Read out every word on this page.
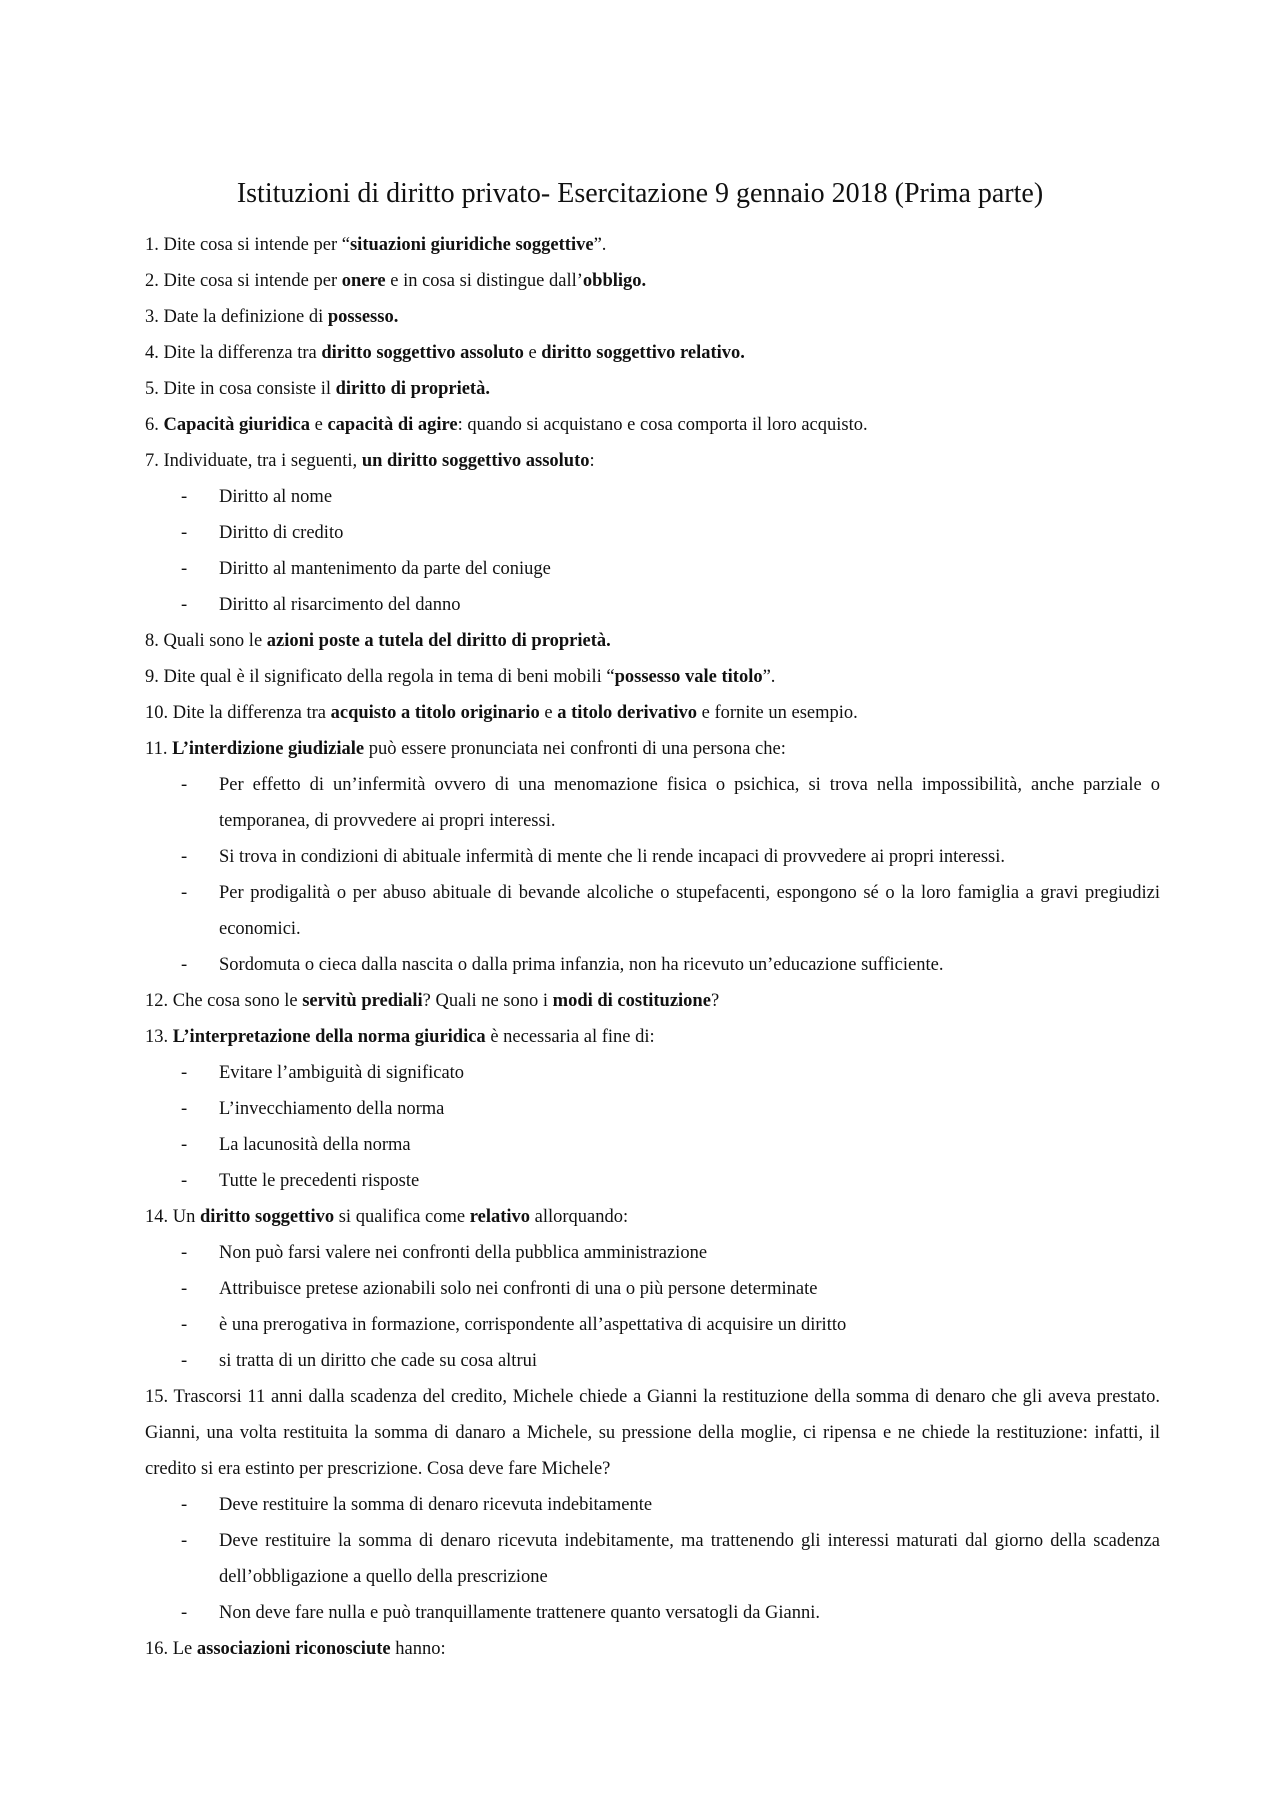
Istituzioni di diritto privato- Esercitazione 9 gennaio 2018 (Prima parte)

1. Dite cosa si intende per “situazioni giuridiche soggettive”.

2. Dite cosa si intende per onere e in cosa si distingue dall’obbligo.

3. Date la definizione di possesso.

4. Dite la differenza tra diritto soggettivo assoluto e diritto soggettivo relativo.

5. Dite in cosa consiste il diritto di proprietà.

6. Capacità giuridica e capacità di agire: quando si acquistano e cosa comporta il loro acquisto.

7. Individuate, tra i seguenti, un diritto soggettivo assoluto:

- Diritto al nome
- Diritto di credito
- Diritto al mantenimento da parte del coniuge
- Diritto al risarcimento del danno

8. Quali sono le azioni poste a tutela del diritto di proprietà.

9. Dite qual è il significato della regola in tema di beni mobili “possesso vale titolo”.

10. Dite la differenza tra acquisto a titolo originario e a titolo derivativo e fornite un esempio.

11. L’interdizione giudiziale può essere pronunciata nei confronti di una persona che:

- Per effetto di un’infermità ovvero di una menomazione fisica o psichica, si trova nella impossibilità, anche parziale o temporanea, di provvedere ai propri interessi.
- Si trova in condizioni di abituale infermità di mente che li rende incapaci di provvedere ai propri interessi.
- Per prodigalità o per abuso abituale di bevande alcoliche o stupefacenti, espongono sé o la loro famiglia a gravi pregiudizi economici.
- Sordomuta o cieca dalla nascita o dalla prima infanzia, non ha ricevuto un’educazione sufficiente.

12. Che cosa sono le servitù prediali? Quali ne sono i modi di costituzione?

13. L’interpretazione della norma giuridica è necessaria al fine di:

- Evitare l’ambiguità di significato
- L’invecchiamento della norma
- La lacunosità della norma
- Tutte le precedenti risposte

14. Un diritto soggettivo si qualifica come relativo allorquando:

- Non può farsi valere nei confronti della pubblica amministrazione
- Attribuisce pretese azionabili solo nei confronti di una o più persone determinate
- è una prerogativa in formazione, corrispondente all’aspettativa di acquisire un diritto
- si tratta di un diritto che cade su cosa altrui

15. Trascorsi 11 anni dalla scadenza del credito, Michele chiede a Gianni la restituzione della somma di denaro che gli aveva prestato. Gianni, una volta restituita la somma di danaro a Michele, su pressione della moglie, ci ripensa e ne chiede la restituzione: infatti, il credito si era estinto per prescrizione. Cosa deve fare Michele?

- Deve restituire la somma di denaro ricevuta indebitamente
- Deve restituire la somma di denaro ricevuta indebitamente, ma trattenendo gli interessi maturati dal giorno della scadenza dell’obbligazione a quello della prescrizione
- Non deve fare nulla e può tranquillamente trattenere quanto versatogli da Gianni.

16. Le associazioni riconosciute hanno:
